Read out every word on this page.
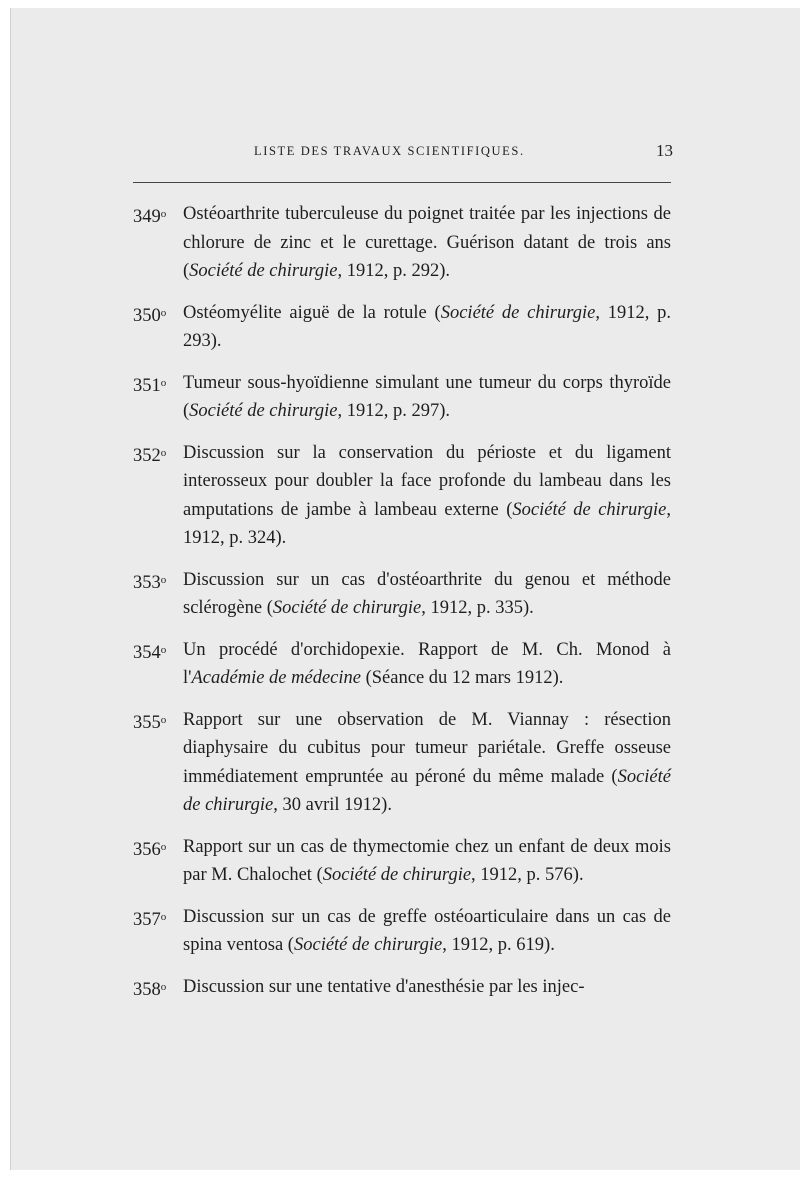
LISTE DES TRAVAUX SCIENTIFIQUES.	13
349$^o$ Ostéoarthrite tuberculeuse du poignet traitée par les injections de chlorure de zinc et le curettage. Guérison datant de trois ans (Société de chirurgie, 1912, p. 292).
350$^o$ Ostéomyélite aiguë de la rotule (Société de chirurgie, 1912, p. 293).
351$^o$ Tumeur sous-hyoïdienne simulant une tumeur du corps thyroïde (Société de chirurgie, 1912, p. 297).
352$^o$ Discussion sur la conservation du périoste et du ligament interosseux pour doubler la face profonde du lambeau dans les amputations de jambe à lambeau externe (Société de chirurgie, 1912, p. 324).
353$^o$ Discussion sur un cas d'ostéoarthrite du genou et méthode sclérogène (Société de chirurgie, 1912, p. 335).
354$^o$ Un procédé d'orchidopexie. Rapport de M. Ch. Monod à l'Académie de médecine (Séance du 12 mars 1912).
355$^o$ Rapport sur une observation de M. Viannay : résection diaphysaire du cubitus pour tumeur pariétale. Greffe osseuse immédiatement empruntée au péroné du même malade (Société de chirurgie, 30 avril 1912).
356$^o$ Rapport sur un cas de thymectomie chez un enfant de deux mois par M. Chalochet (Société de chirurgie, 1912, p. 576).
357$^o$ Discussion sur un cas de greffe ostéoarticulaire dans un cas de spina ventosa (Société de chirurgie, 1912, p. 619).
358$^o$ Discussion sur une tentative d'anesthésie par les injec-
